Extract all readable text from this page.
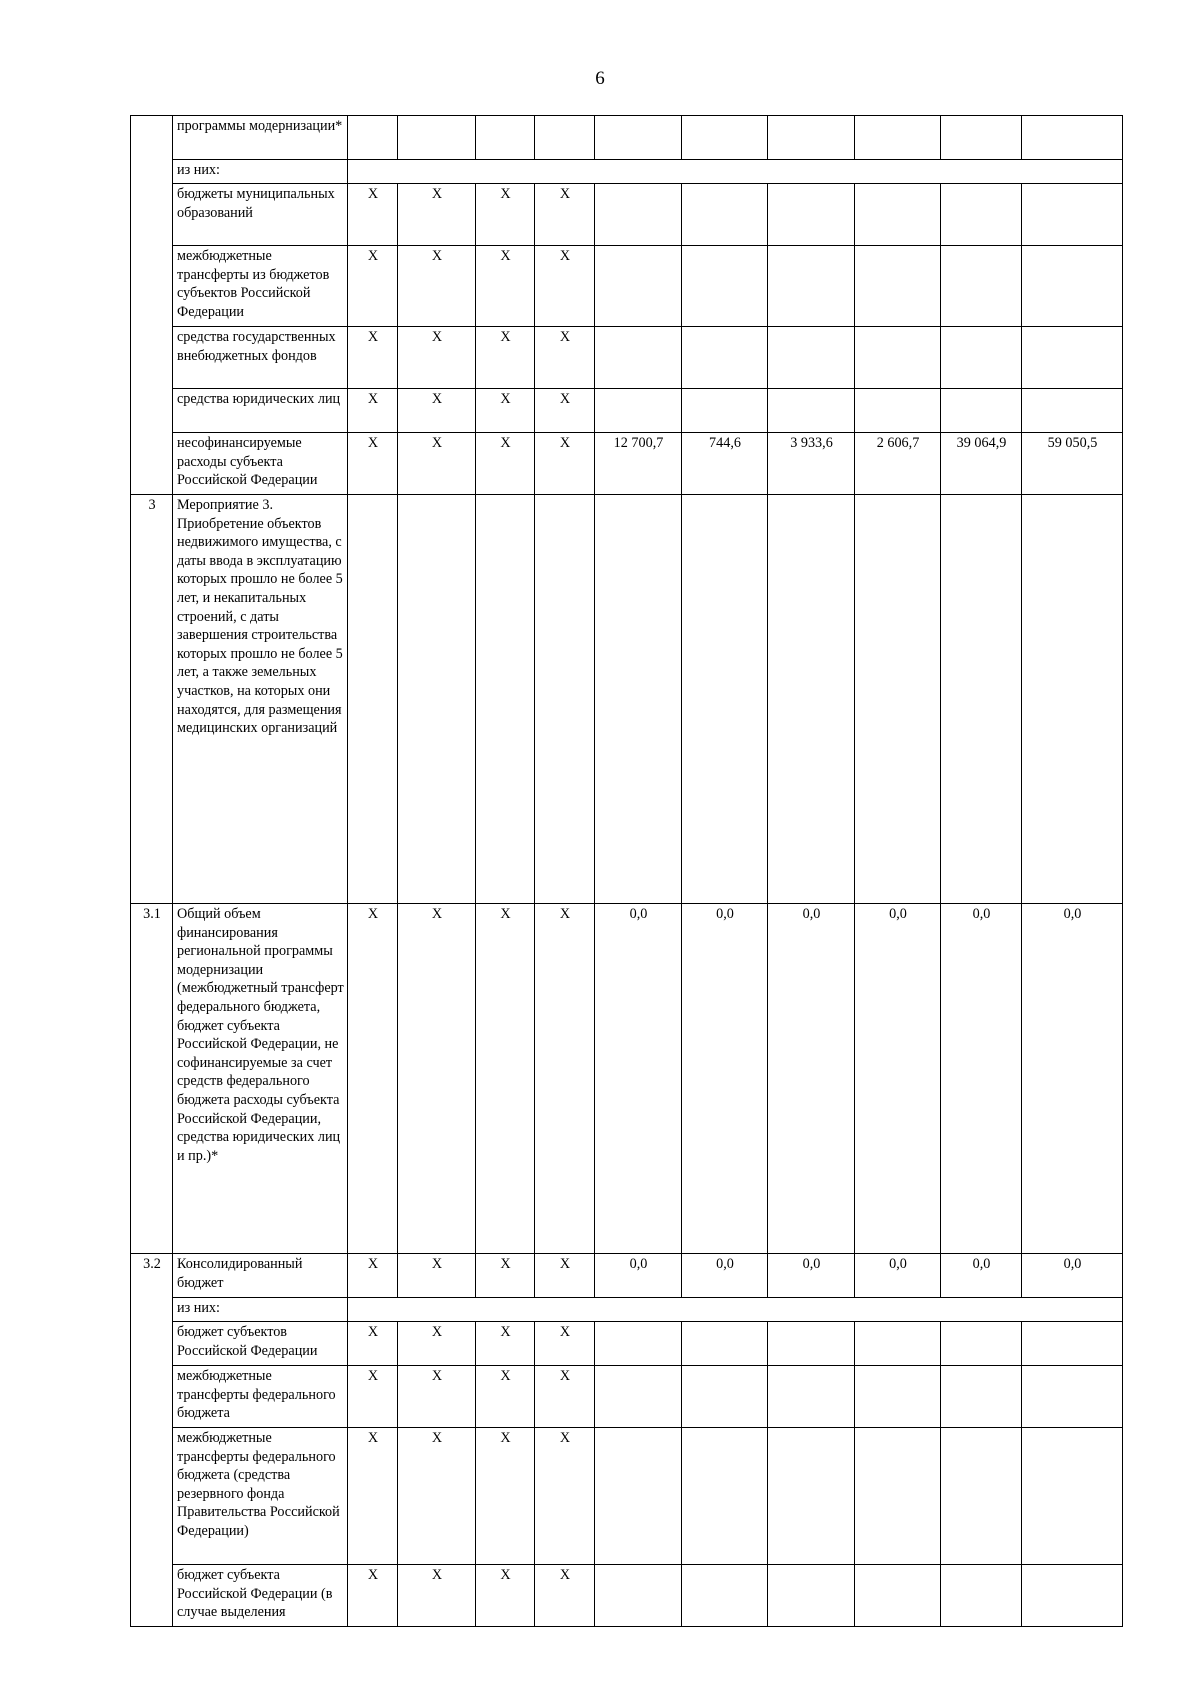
6
	программы модернизации*										
	из них:										
	бюджеты муниципальных образований	X	X	X	X						
	межбюджетные трансферты из бюджетов субъектов Российской Федерации	X	X	X	X						
	средства государственных внебюджетных фондов	X	X	X	X						
	средства юридических лиц	X	X	X	X						
	несофинансируемые расходы субъекта Российской Федерации	X	X	X	X	12 700,7	744,6	3 933,6	2 606,7	39 064,9	59 050,5
3	Мероприятие 3. Приобретение объектов недвижимого имущества, с даты ввода в эксплуатацию которых прошло не более 5 лет, и некапитальных строений, с даты завершения строительства которых прошло не более 5 лет, а также земельных участков, на которых они находятся, для размещения медицинских организаций										
3.1	Общий объем финансирования региональной программы модернизации (межбюджетный трансферт федерального бюджета, бюджет субъекта Российской Федерации, не софинансируемые за счет средств федерального бюджета расходы субъекта Российской Федерации, средства юридических лиц и пр.)*	X	X	X	X	0,0	0,0	0,0	0,0	0,0	0,0
3.2	Консолидированный бюджет	X	X	X	X	0,0	0,0	0,0	0,0	0,0	0,0
	из них:										
	бюджет субъектов Российской Федерации	X	X	X	X						
	межбюджетные трансферты федерального бюджета	X	X	X	X						
	межбюджетные трансферты федерального бюджета (средства резервного фонда Правительства Российской Федерации)	X	X	X	X						
	бюджет субъекта Российской Федерации (в случае выделения	X	X	X	X						
